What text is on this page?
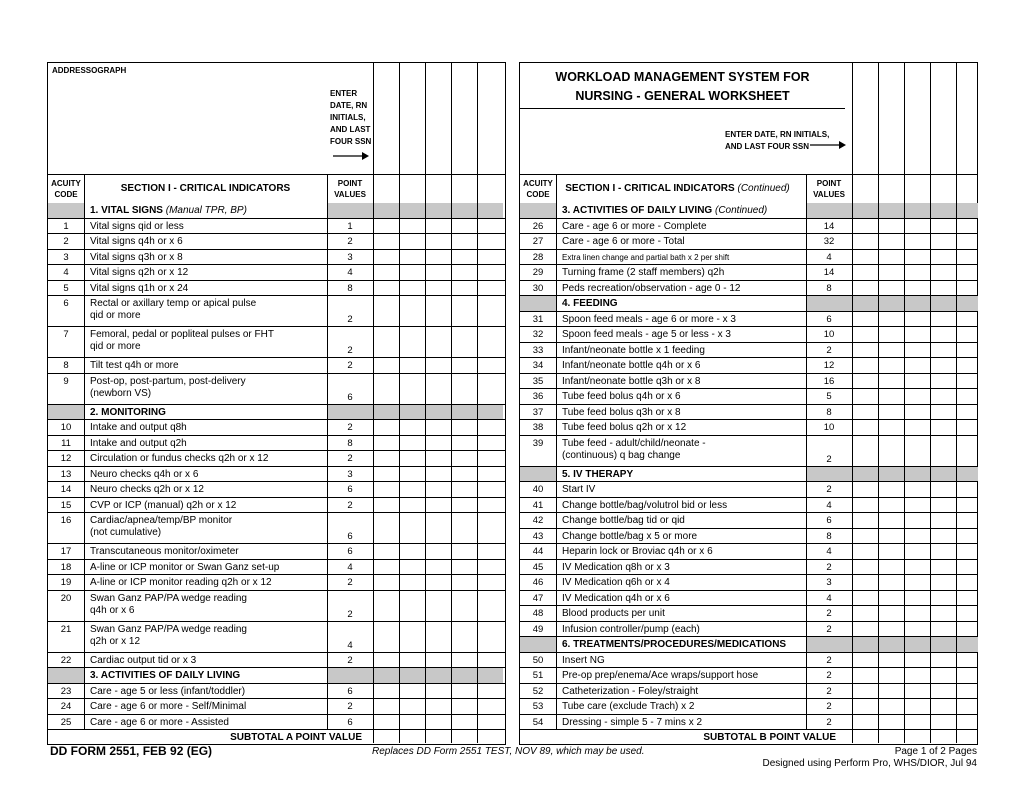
ADDRESSOGRAPH
ENTER
DATE, RN
INITIALS,
AND LAST
FOUR SSN
ACUITY
CODE
SECTION I - CRITICAL INDICATORS	POINT
VALUES
1. VITAL SIGNS (Manual TPR, BP)
1	Vital signs qid or less	1
2	Vital signs q4h or x 6	2
3	Vital signs q3h or x 8	3
4	Vital signs q2h or x 12	4
5	Vital signs q1h or x 24	8
6	Rectal or axillary temp or apical pulse
qid or more	2
7	Femoral, pedal or popliteal pulses or FHT
qid or more	2
8	Tilt test q4h or more	2
9	Post-op, post-partum, post-delivery
(newborn VS)	6
2. MONITORING
10	Intake and output q8h	2
11	Intake and output q2h	8
12	Circulation or fundus checks q2h or x 12	2
13	Neuro checks q4h or x 6	3
14	Neuro checks q2h or x 12	6
15	CVP or ICP (manual) q2h or x 12	2
16	Cardiac/apnea/temp/BP monitor
(not cumulative)	6
17	Transcutaneous monitor/oximeter	6
18	A-line or ICP monitor or Swan Ganz set-up	4
19	A-line or ICP monitor reading q2h or x 12	2
20	Swan Ganz PAP/PA wedge reading
q4h or x 6	2
21	Swan Ganz PAP/PA wedge reading
q2h or x 12	4
22	Cardiac output tid or x 3	2
3. ACTIVITIES OF DAILY LIVING
23	Care - age 5 or less (infant/toddler)	6
24	Care - age 6 or more - Self/Minimal	2
25	Care - age 6 or more - Assisted	6
SUBTOTAL A POINT VALUE
WORKLOAD MANAGEMENT SYSTEM FOR
NURSING - GENERAL WORKSHEET
ENTER DATE, RN INITIALS,
AND LAST FOUR SSN
ACUITY
CODE
SECTION I - CRITICAL INDICATORS (Continued)	POINT
VALUES
3. ACTIVITIES OF DAILY LIVING (Continued)
26	Care - age 6 or more - Complete	14
27	Care - age 6 or more - Total	32
28	Extra linen change and partial bath x 2 per shift	4
29	Turning frame (2 staff members) q2h	14
30	Peds recreation/observation - age 0 - 12	8
4. FEEDING
31	Spoon feed meals - age 6 or more - x 3	6
32	Spoon feed meals - age 5 or less - x 3	10
33	Infant/neonate bottle x 1 feeding	2
34	Infant/neonate bottle q4h or x 6	12
35	Infant/neonate bottle q3h or x 8	16
36	Tube feed bolus q4h or x 6	5
37	Tube feed bolus q3h or x 8	8
38	Tube feed bolus q2h or x 12	10
39	Tube feed - adult/child/neonate -
(continuous) q bag change	2
5. IV THERAPY
40	Start IV	2
41	Change bottle/bag/volutrol bid or less	4
42	Change bottle/bag tid or qid	6
43	Change bottle/bag x 5 or more	8
44	Heparin lock or Broviac q4h or x 6	4
45	IV Medication q8h or x 3	2
46	IV Medication q6h or x 4	3
47	IV Medication q4h or x 6	4
48	Blood products per unit	2
49	Infusion controller/pump (each)	2
6. TREATMENTS/PROCEDURES/MEDICATIONS
50	Insert NG	2
51	Pre-op prep/enema/Ace wraps/support hose	2
52	Catheterization - Foley/straight	2
53	Tube care (exclude Trach) x 2	2
54	Dressing - simple 5 - 7 mins x 2	2
SUBTOTAL B POINT VALUE
DD FORM 2551, FEB 92 (EG)	Replaces DD Form 2551 TEST, NOV 89, which may be used.	Page 1 of 2 Pages
Designed using Perform Pro, WHS/DIOR, Jul 94
